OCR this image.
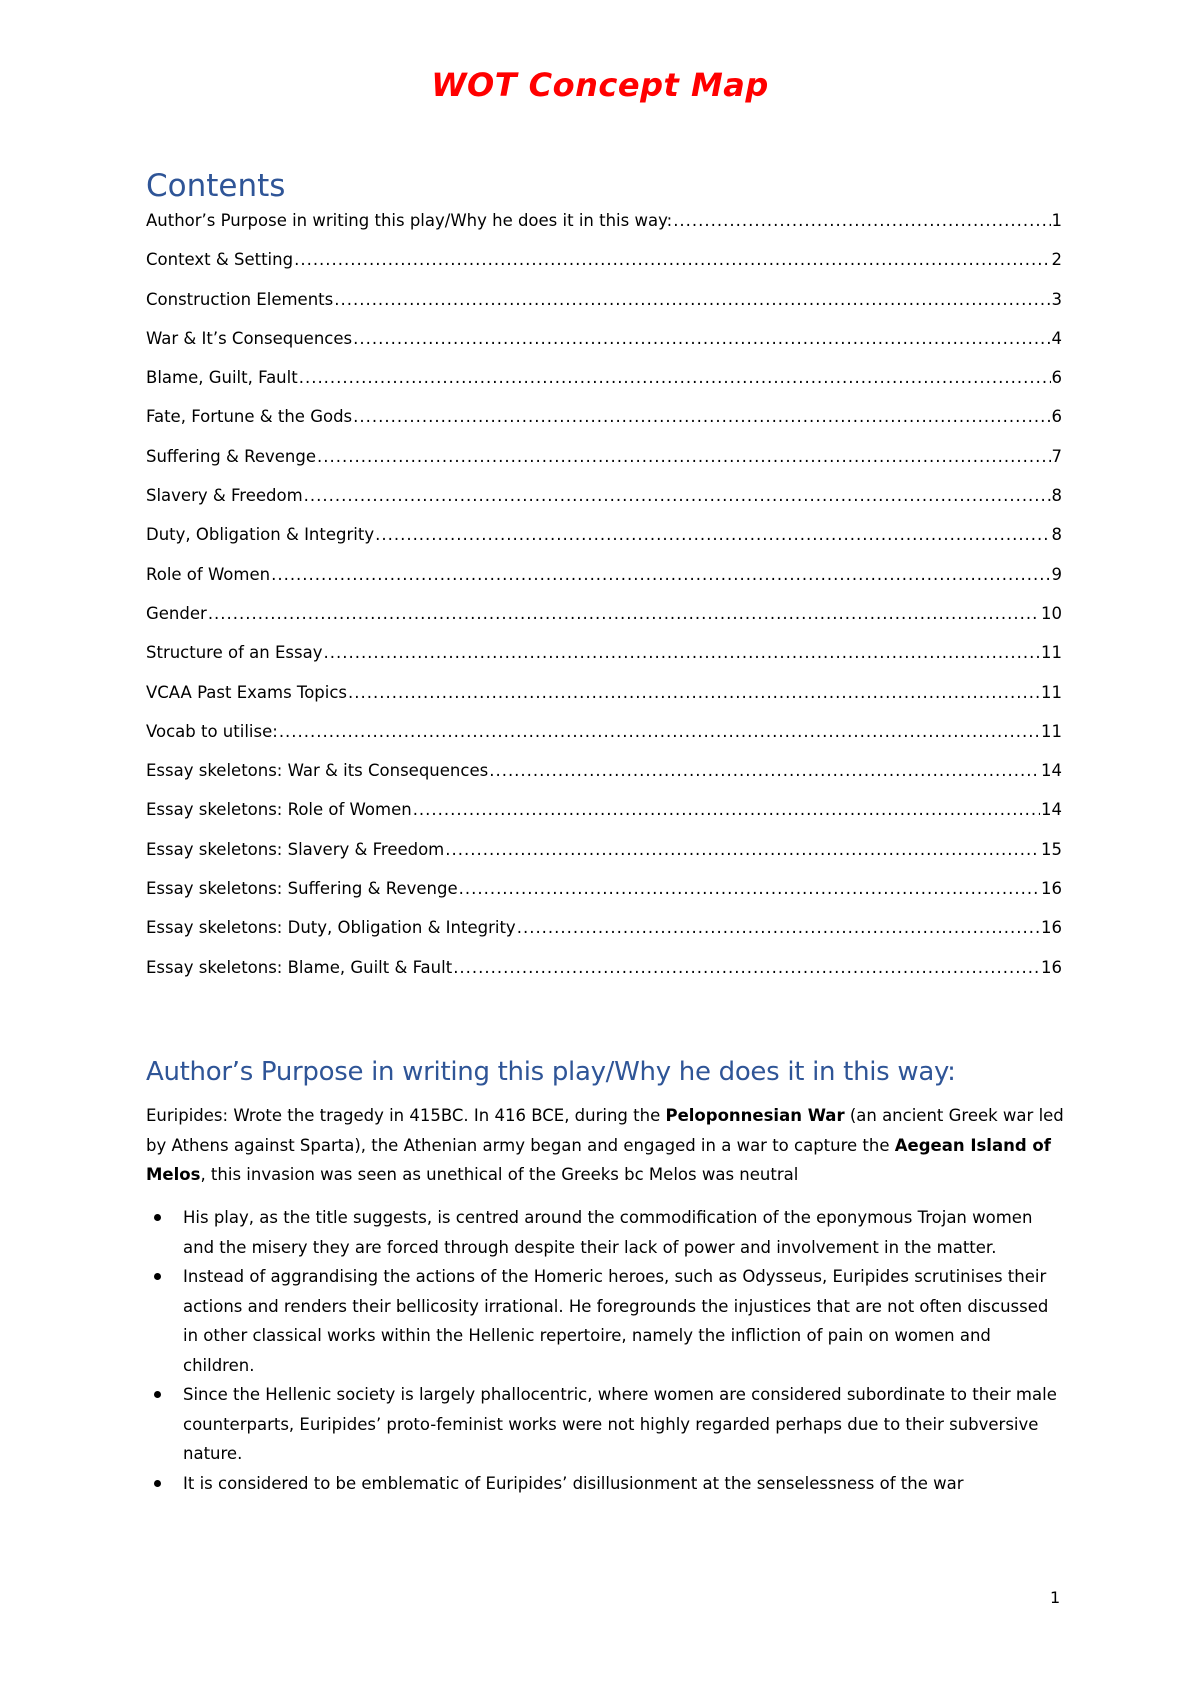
WOT Concept Map
Contents
Author’s Purpose in writing this play/Why he does it in this way: .....	1
Context & Setting .....	2
Construction Elements .....	3
War & It’s Consequences .....	4
Blame, Guilt, Fault .....	6
Fate, Fortune & the Gods .....	6
Suffering & Revenge .....	7
Slavery & Freedom .....	8
Duty, Obligation & Integrity .....	8
Role of Women .....	9
Gender .....	10
Structure of an Essay .....	11
VCAA Past Exams Topics .....	11
Vocab to utilise: .....	11
Essay skeletons: War & its Consequences .....	14
Essay skeletons: Role of Women .....	14
Essay skeletons: Slavery & Freedom .....	15
Essay skeletons: Suffering & Revenge .....	16
Essay skeletons: Duty, Obligation & Integrity .....	16
Essay skeletons: Blame, Guilt & Fault .....	16
Author’s Purpose in writing this play/Why he does it in this way:

Euripides: Wrote the tragedy in 415BC. In 416 BCE, during the Peloponnesian War (an ancient Greek war led by Athens against Sparta), the Athenian army began and engaged in a war to capture the Aegean Island of Melos, this invasion was seen as unethical of the Greeks bc Melos was neutral

His play, as the title suggests, is centred around the commodification of the eponymous Trojan women and the misery they are forced through despite their lack of power and involvement in the matter.
Instead of aggrandising the actions of the Homeric heroes, such as Odysseus, Euripides scrutinises their actions and renders their bellicosity irrational. He foregrounds the injustices that are not often discussed in other classical works within the Hellenic repertoire, namely the infliction of pain on women and children.
Since the Hellenic society is largely phallocentric, where women are considered subordinate to their male counterparts, Euripides’ proto-feminist works were not highly regarded perhaps due to their subversive nature.
It is considered to be emblematic of Euripides’ disillusionment at the senselessness of the war
1
